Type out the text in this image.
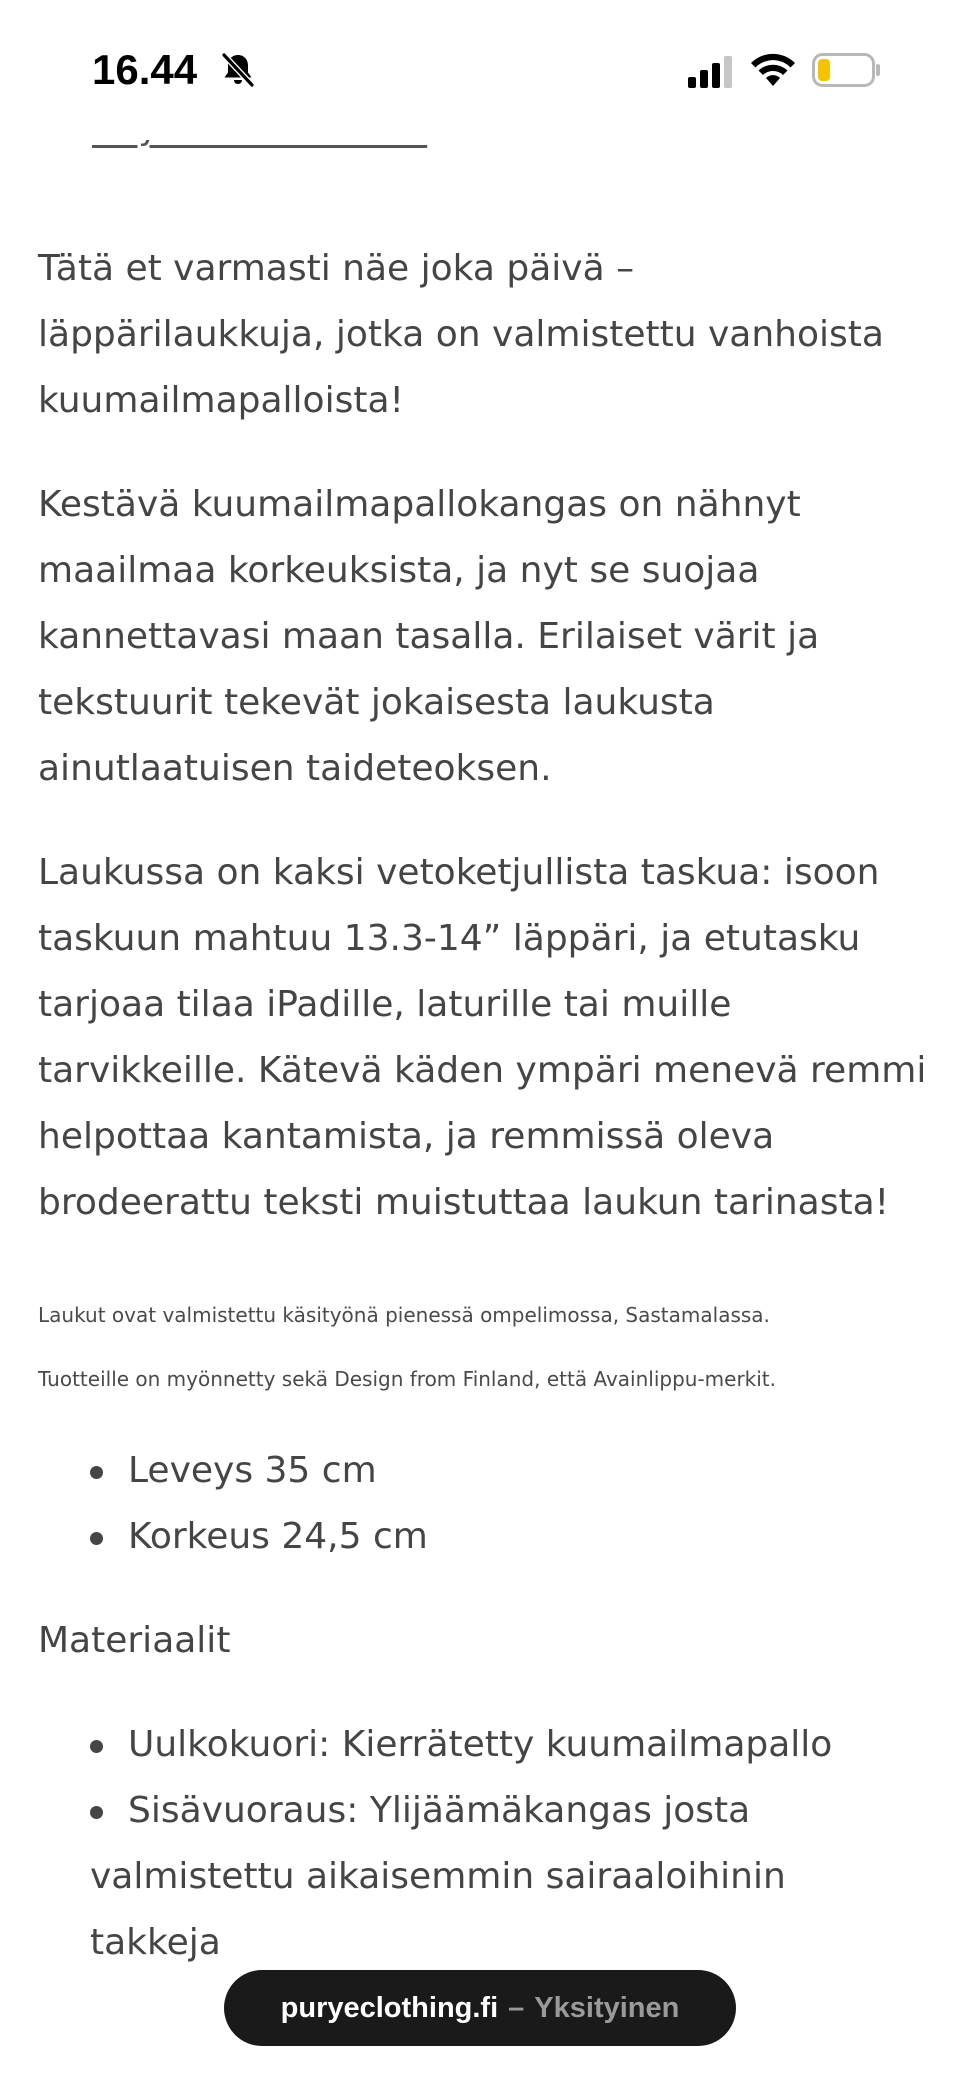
16.44

Tätä et varmasti näe joka päivä – läppärilaukkuja, jotka on valmistettu vanhoista kuumailmapalloista!

Kestävä kuumailmapallokangas on nähnyt maailmaa korkeuksista, ja nyt se suojaa kannettavasi maan tasalla. Erilaiset värit ja tekstuurit tekevät jokaisesta laukusta ainutlaatuisen taideteoksen.

Laukussa on kaksi vetoketjullista taskua: isoon taskuun mahtuu 13.3-14” läppäri, ja etutasku tarjoaa tilaa iPadille, laturille tai muille tarvikkeille. Kätevä käden ympäri menevä remmi helpottaa kantamista, ja remmissä oleva brodeerattu teksti muistuttaa laukun tarinasta!

Laukut ovat valmistettu käsityönä pienessä ompelimossa, Sastamalassa.

Tuotteille on myönnetty sekä Design from Finland, että Avainlippu-merkit.

Leveys 35 cm
Korkeus 24,5 cm
Materiaalit
Uulkokuori: Kierrätetty kuumailmapallo
Sisävuoraus: Ylijäämäkangas josta valmistettu aikaisemmin sairaaloihinin takkeja
puryeclothing.fi – Yksityinen
